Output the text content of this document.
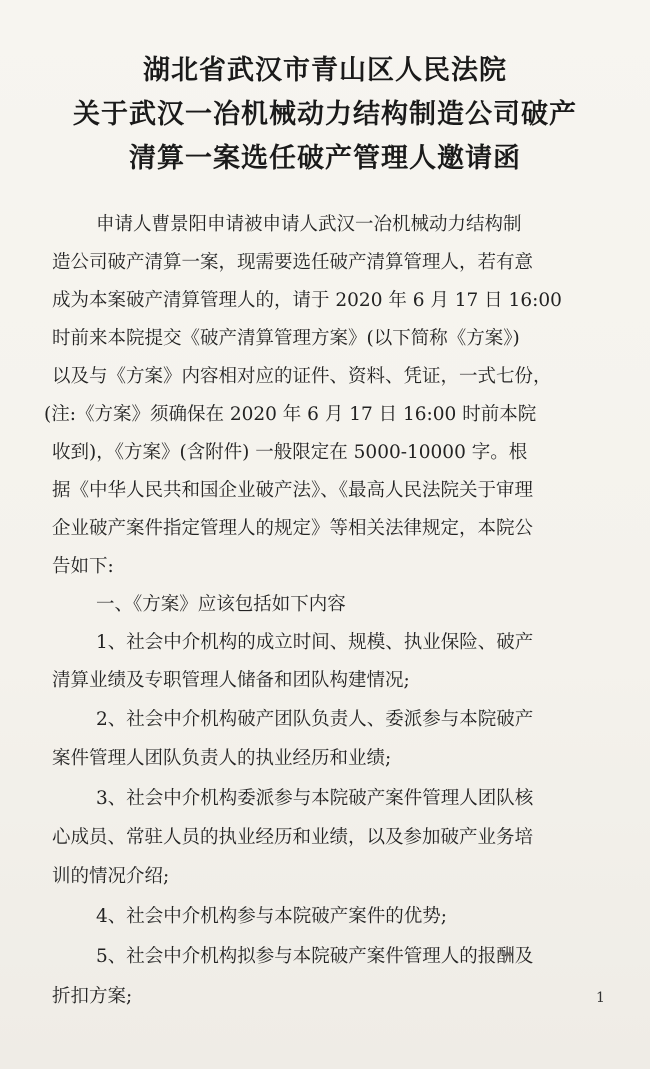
湖北省武汉市青山区人民法院
关于武汉一冶机械动力结构制造公司破产
清算一案选任破产管理人邀请函
申请人曹景阳申请被申请人武汉一冶机械动力结构制
造公司破产清算一案，现需要选任破产清算管理人，若有意
成为本案破产清算管理人的，请于 2020 年 6 月 17 日 16:00
时前来本院提交《破产清算管理方案》(以下简称《方案》)
以及与《方案》内容相对应的证件、资料、凭证，一式七份，
(注:《方案》须确保在 2020 年 6 月 17 日 16:00 时前本院
收到)，《方案》(含附件) 一般限定在 5000-10000 字。根
据《中华人民共和国企业破产法》、《最高人民法院关于审理
企业破产案件指定管理人的规定》等相关法律规定，本院公
告如下:
一、《方案》应该包括如下内容
1、社会中介机构的成立时间、规模、执业保险、破产
清算业绩及专职管理人储备和团队构建情况;
2、社会中介机构破产团队负责人、委派参与本院破产
案件管理人团队负责人的执业经历和业绩;
3、社会中介机构委派参与本院破产案件管理人团队核
心成员、常驻人员的执业经历和业绩，以及参加破产业务培
训的情况介绍;
4、社会中介机构参与本院破产案件的优势;
5、社会中介机构拟参与本院破产案件管理人的报酬及
折扣方案;	1
